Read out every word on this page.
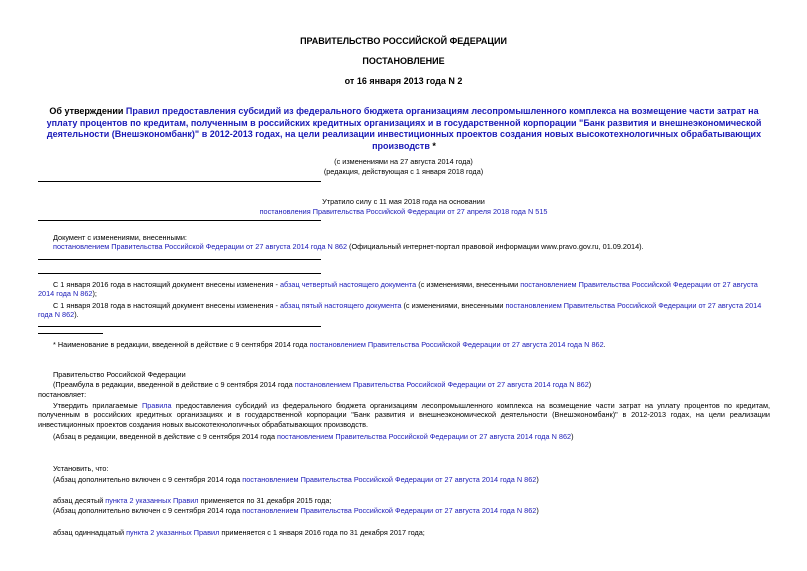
ПРАВИТЕЛЬСТВО РОССИЙСКОЙ ФЕДЕРАЦИИ
ПОСТАНОВЛЕНИЕ
от 16 января 2013 года N 2
Об утверждении Правил предоставления субсидий из федерального бюджета организациям лесопромышленного комплекса на возмещение части затрат на уплату процентов по кредитам, полученным в российских кредитных организациях и в государственной корпорации "Банк развития и внешнеэкономической деятельности (Внешэкономбанк)" в 2012-2013 годах, на цели реализации инвестиционных проектов создания новых высокотехнологичных обрабатывающих производств *
(с изменениями на 27 августа 2014 года)
(редакция, действующая с 1 января 2018 года)
Утратило силу с 11 мая 2018 года на основании
постановления Правительства Российской Федерации от 27 апреля 2018 года N 515
Документ с изменениями, внесенными:
постановлением Правительства Российской Федерации от 27 августа 2014 года N 862 (Официальный интернет-портал правовой информации www.pravo.gov.ru, 01.09.2014).
С 1 января 2016 года в настоящий документ внесены изменения - абзац четвертый настоящего документа (с изменениями, внесенными постановлением Правительства Российской Федерации от 27 августа 2014 года N 862);
С 1 января 2018 года в настоящий документ внесены изменения - абзац пятый настоящего документа (с изменениями, внесенными постановлением Правительства Российской Федерации от 27 августа 2014 года N 862).
* Наименование в редакции, введенной в действие с 9 сентября 2014 года постановлением Правительства Российской Федерации от 27 августа 2014 года N 862.
Правительство Российской Федерации
(Преамбула в редакции, введенной в действие с 9 сентября 2014 года постановлением Правительства Российской Федерации от 27 августа 2014 года N 862)
постановляет:
Утвердить прилагаемые Правила предоставления субсидий из федерального бюджета организациям лесопромышленного комплекса на возмещение части затрат на уплату процентов по кредитам, полученным в российских кредитных организациях и в государственной корпорации "Банк развития и внешнеэкономической деятельности (Внешэкономбанк)" в 2012-2013 годах, на цели реализации инвестиционных проектов создания новых высокотехнологичных обрабатывающих производств.
(Абзац в редакции, введенной в действие с 9 сентября 2014 года постановлением Правительства Российской Федерации от 27 августа 2014 года N 862)
Установить, что:
(Абзац дополнительно включен с 9 сентября 2014 года постановлением Правительства Российской Федерации от 27 августа 2014 года N 862)
абзац десятый пункта 2 указанных Правил применяется по 31 декабря 2015 года;
(Абзац дополнительно включен с 9 сентября 2014 года постановлением Правительства Российской Федерации от 27 августа 2014 года N 862)
абзац одиннадцатый пункта 2 указанных Правил применяется с 1 января 2016 года по 31 декабря 2017 года;
